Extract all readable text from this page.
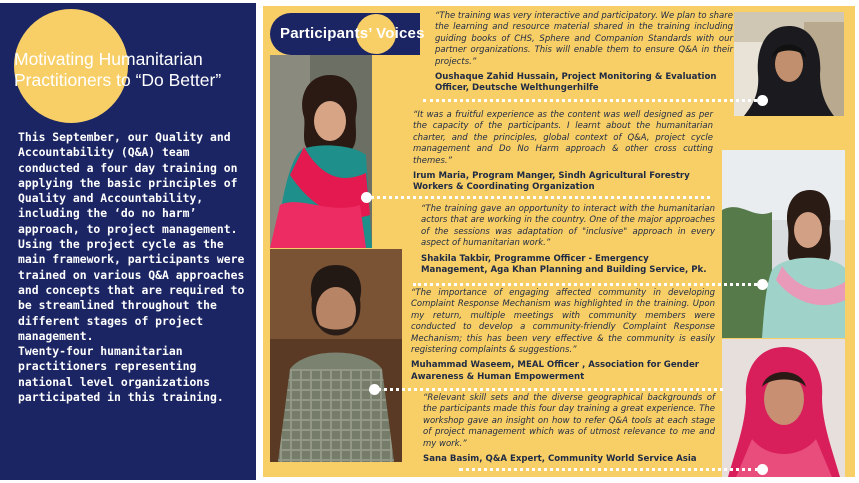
Motivating Humanitarian Practitioners to “Do Better”

This September, our Quality and Accountability (Q&A) team conducted a four day training on applying the basic principles of Quality and Accountability, including the ‘do no harm’ approach, to project management. Using the project cycle as the main framework, participants were trained on various Q&A approaches and concepts that are required to be streamlined throughout the different stages of project management.

Twenty-four humanitarian practitioners representing national level organizations participated in this training.

Participants’ Voices

“The training was very interactive and participatory. We plan to share the learning and resource material shared in the training including guiding books of CHS, Sphere and Companion Standards with our partner organizations. This will enable them to ensure Q&A in their projects.”

Oushaque Zahid Hussain, Project Monitoring & Evaluation Officer, Deutsche Welthungerhilfe

“It was a fruitful experience as the content was well designed as per the capacity of the participants. I learnt about the humanitarian charter, and the principles, global context of Q&A, project cycle management and Do No Harm approach & other cross cutting themes.”

Irum Maria, Program Manger, Sindh Agricultural Forestry Workers & Coordinating Organization

“The training gave an opportunity to interact with the humanitarian actors that are working in the country. One of the major approaches of the sessions was adaptation of "inclusive" approach in every aspect of humanitarian work.”

Shakila Takbir, Programme Officer - Emergency Management, Aga Khan Planning and Building Service, Pk.

“The importance of engaging affected community in developing Complaint Response Mechanism was highlighted in the training. Upon my return, multiple meetings with community members were conducted to develop a community-friendly Complaint Response Mechanism; this has been very effective & the community is easily registering complaints & suggestions.”

Muhammad Waseem, MEAL Officer , Association for Gender Awareness & Human Empowerment

“Relevant skill sets and the diverse geographical backgrounds of the participants made this four day training a great experience. The workshop gave an insight on how to refer Q&A tools at each stage of project management which was of utmost relevance to me and my work.”

Sana Basim, Q&A Expert, Community World Service Asia
